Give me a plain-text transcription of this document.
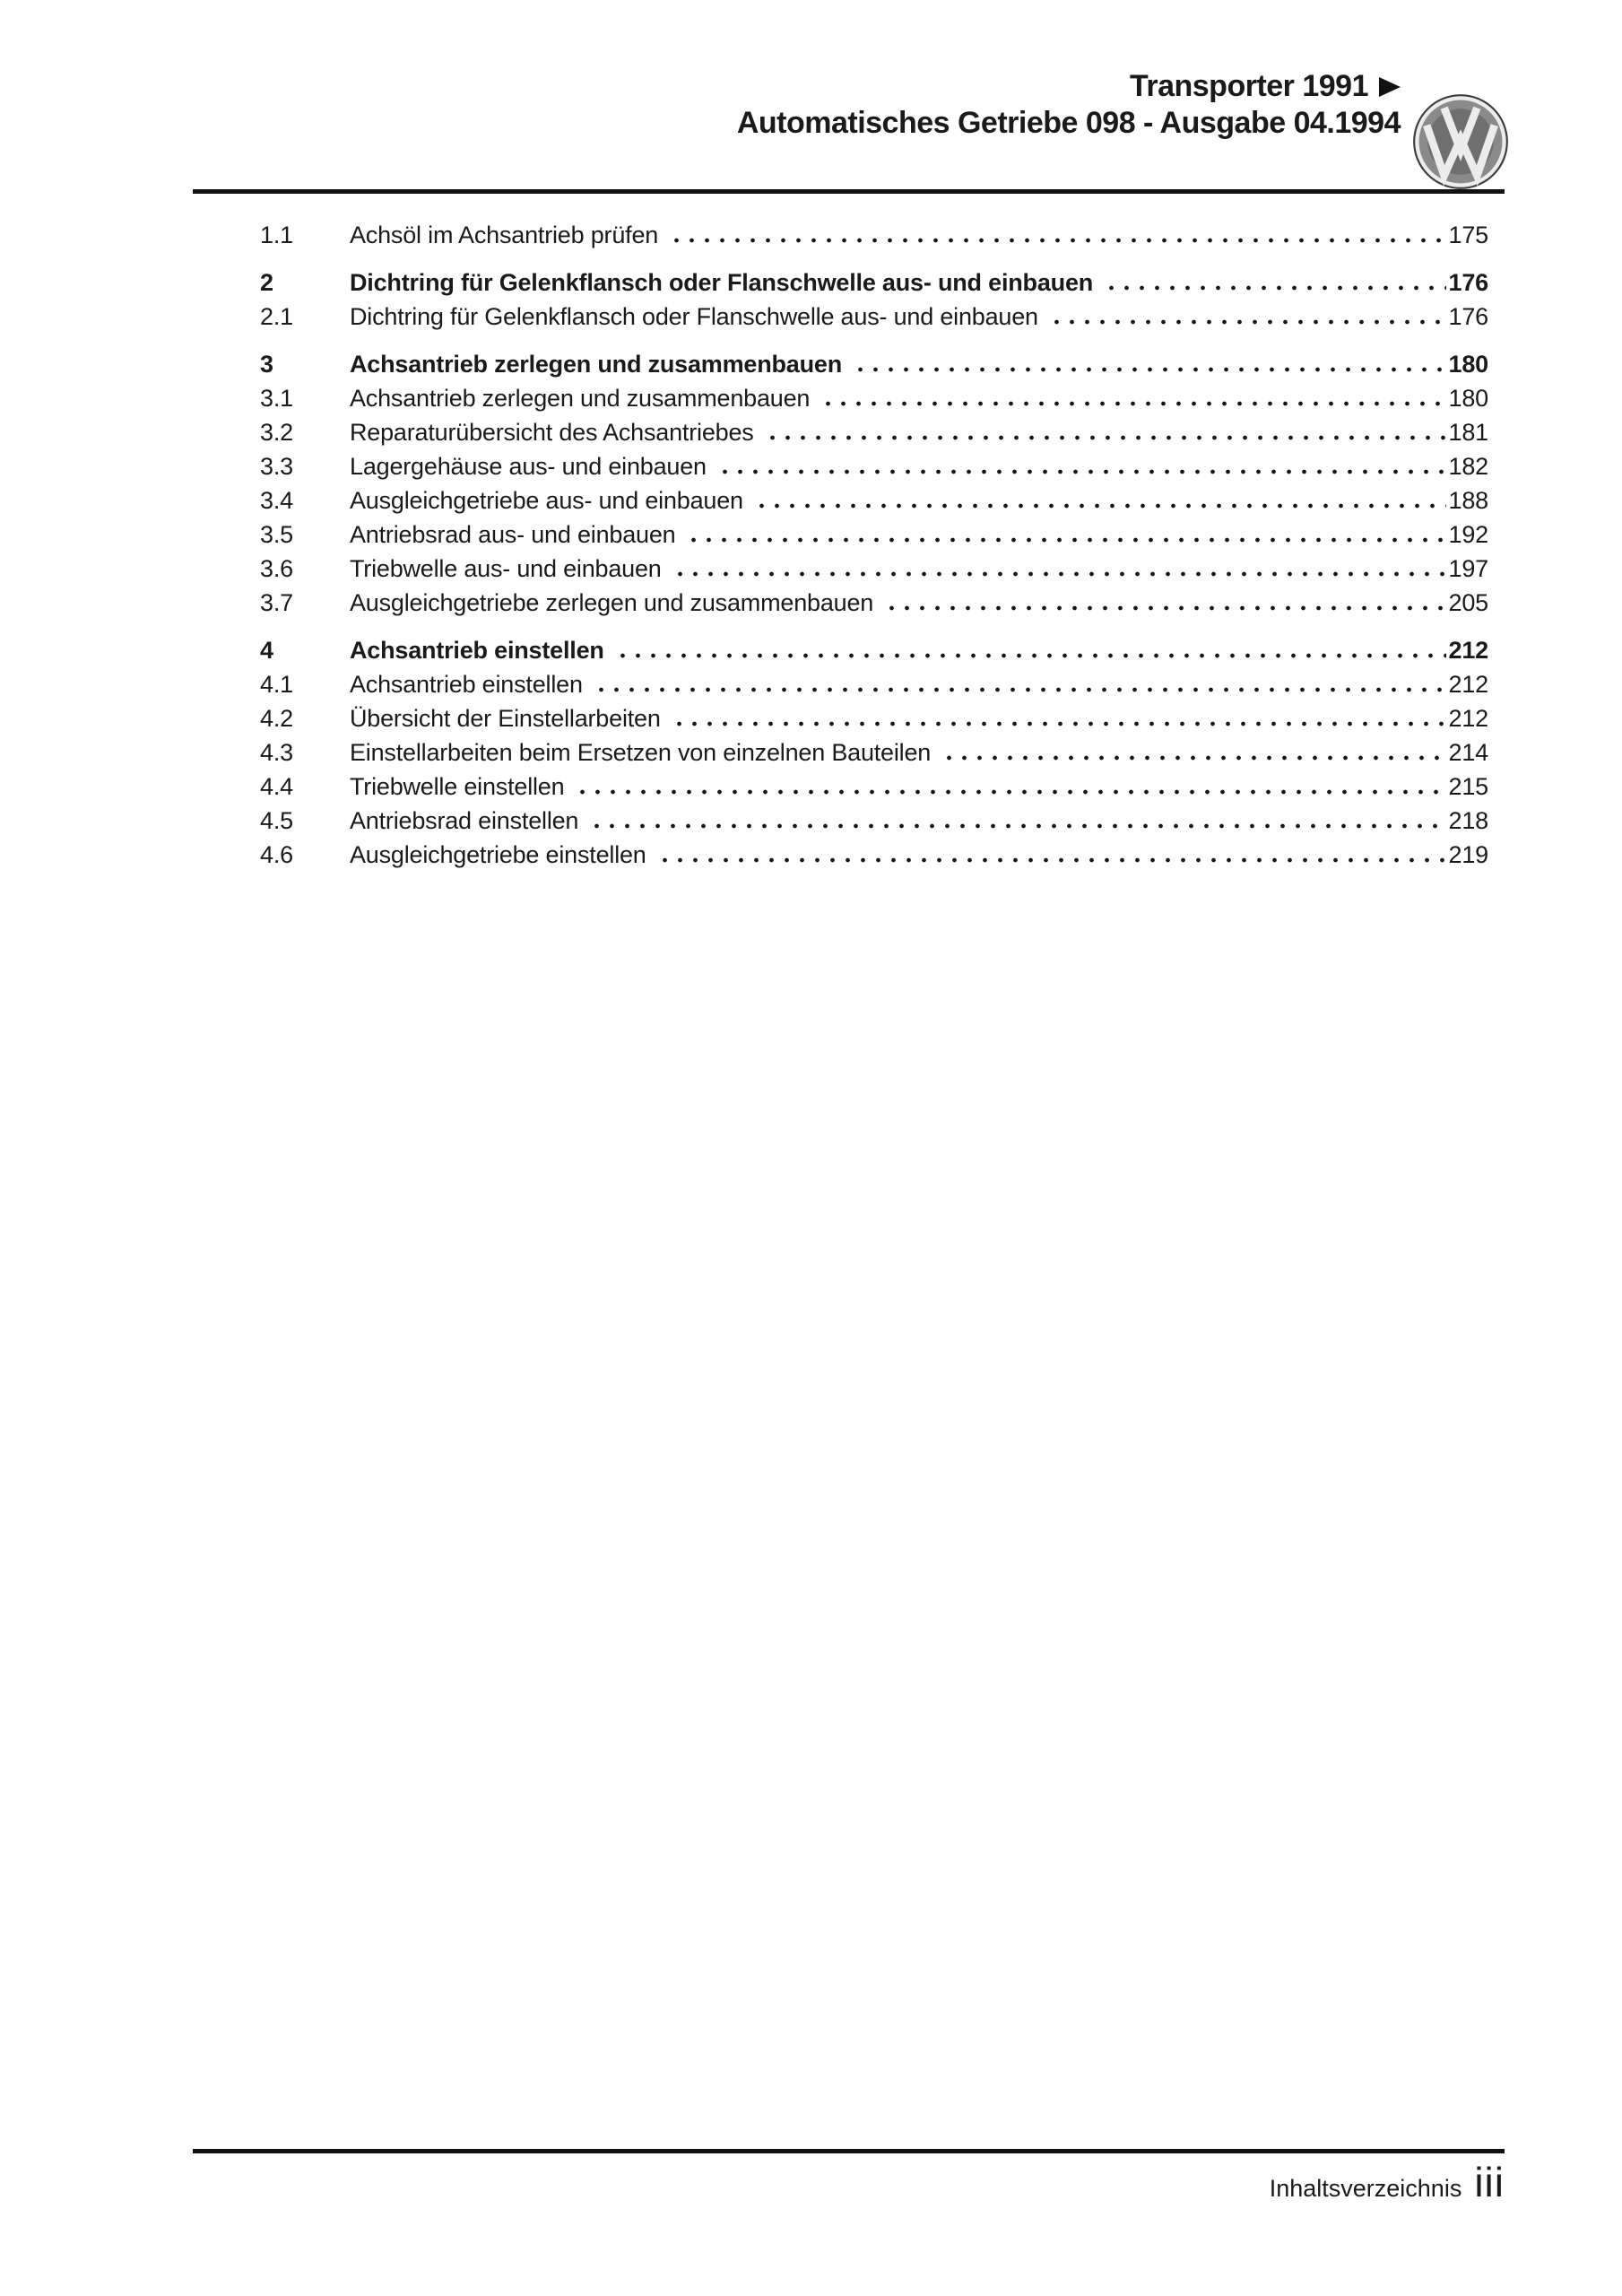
Transporter 1991
Automatisches Getriebe 098 - Ausgabe 04.1994
1.1	Achsöl im Achsantrieb prüfen	175
2	Dichtring für Gelenkflansch oder Flanschwelle aus- und einbauen	176
2.1	Dichtring für Gelenkflansch oder Flanschwelle aus- und einbauen	176
3	Achsantrieb zerlegen und zusammenbauen	180
3.1	Achsantrieb zerlegen und zusammenbauen	180
3.2	Reparaturübersicht des Achsantriebes	181
3.3	Lagergehäuse aus- und einbauen	182
3.4	Ausgleichgetriebe aus- und einbauen	188
3.5	Antriebsrad aus- und einbauen	192
3.6	Triebwelle aus- und einbauen	197
3.7	Ausgleichgetriebe zerlegen und zusammenbauen	205
4	Achsantrieb einstellen	212
4.1	Achsantrieb einstellen	212
4.2	Übersicht der Einstellarbeiten	212
4.3	Einstellarbeiten beim Ersetzen von einzelnen Bauteilen	214
4.4	Triebwelle einstellen	215
4.5	Antriebsrad einstellen	218
4.6	Ausgleichgetriebe einstellen	219
Inhaltsverzeichnis iii
